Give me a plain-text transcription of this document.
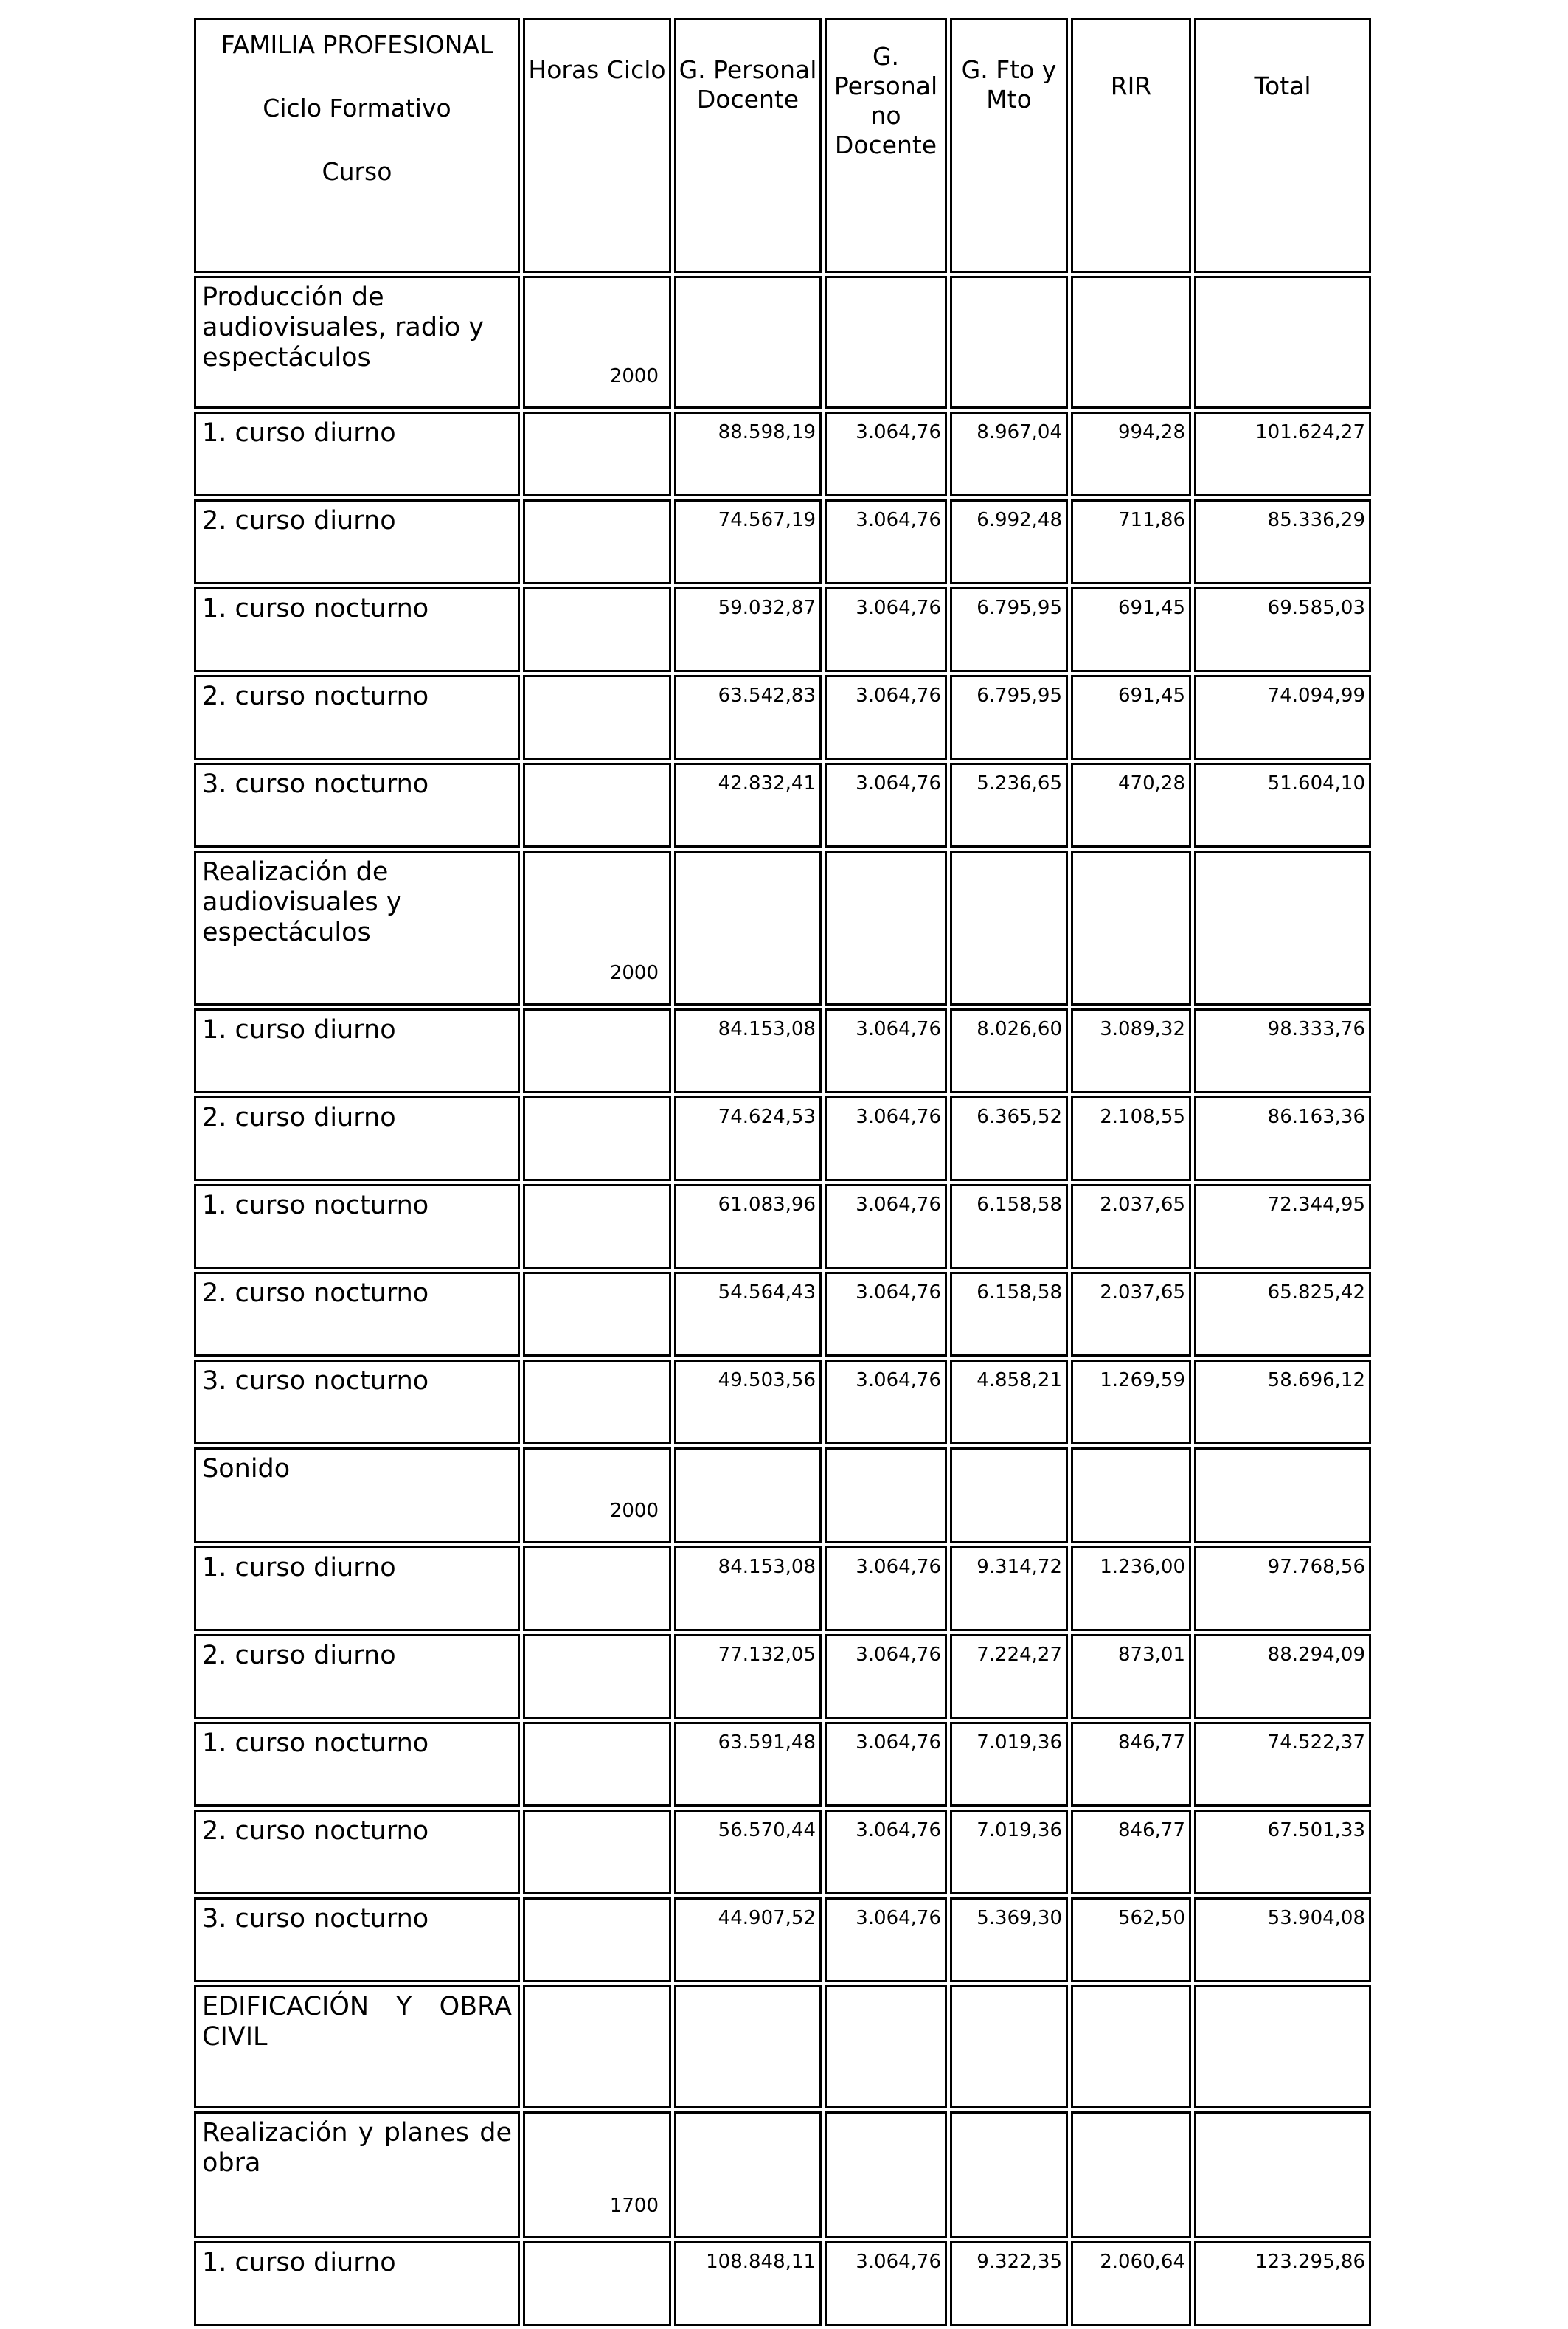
FAMILIA PROFESIONAL
Ciclo Formativo
Curso	Horas Ciclo	G. Personal Docente	G. Personal no Docente	G. Fto y Mto	RIR	Total
Producción de audiovisuales, radio y espectáculos	2000					
1. curso diurno		88.598,19	3.064,76	8.967,04	994,28	101.624,27
2. curso diurno		74.567,19	3.064,76	6.992,48	711,86	85.336,29
1. curso nocturno		59.032,87	3.064,76	6.795,95	691,45	69.585,03
2. curso nocturno		63.542,83	3.064,76	6.795,95	691,45	74.094,99
3. curso nocturno		42.832,41	3.064,76	5.236,65	470,28	51.604,10
Realización de audiovisuales y espectáculos	2000					
1. curso diurno		84.153,08	3.064,76	8.026,60	3.089,32	98.333,76
2. curso diurno		74.624,53	3.064,76	6.365,52	2.108,55	86.163,36
1. curso nocturno		61.083,96	3.064,76	6.158,58	2.037,65	72.344,95
2. curso nocturno		54.564,43	3.064,76	6.158,58	2.037,65	65.825,42
3. curso nocturno		49.503,56	3.064,76	4.858,21	1.269,59	58.696,12
Sonido	2000					
1. curso diurno		84.153,08	3.064,76	9.314,72	1.236,00	97.768,56
2. curso diurno		77.132,05	3.064,76	7.224,27	873,01	88.294,09
1. curso nocturno		63.591,48	3.064,76	7.019,36	846,77	74.522,37
2. curso nocturno		56.570,44	3.064,76	7.019,36	846,77	67.501,33
3. curso nocturno		44.907,52	3.064,76	5.369,30	562,50	53.904,08
EDIFICACIÓN Y OBRA CIVIL						
Realización y planes de obra	1700					
1. curso diurno		108.848,11	3.064,76	9.322,35	2.060,64	123.295,86
